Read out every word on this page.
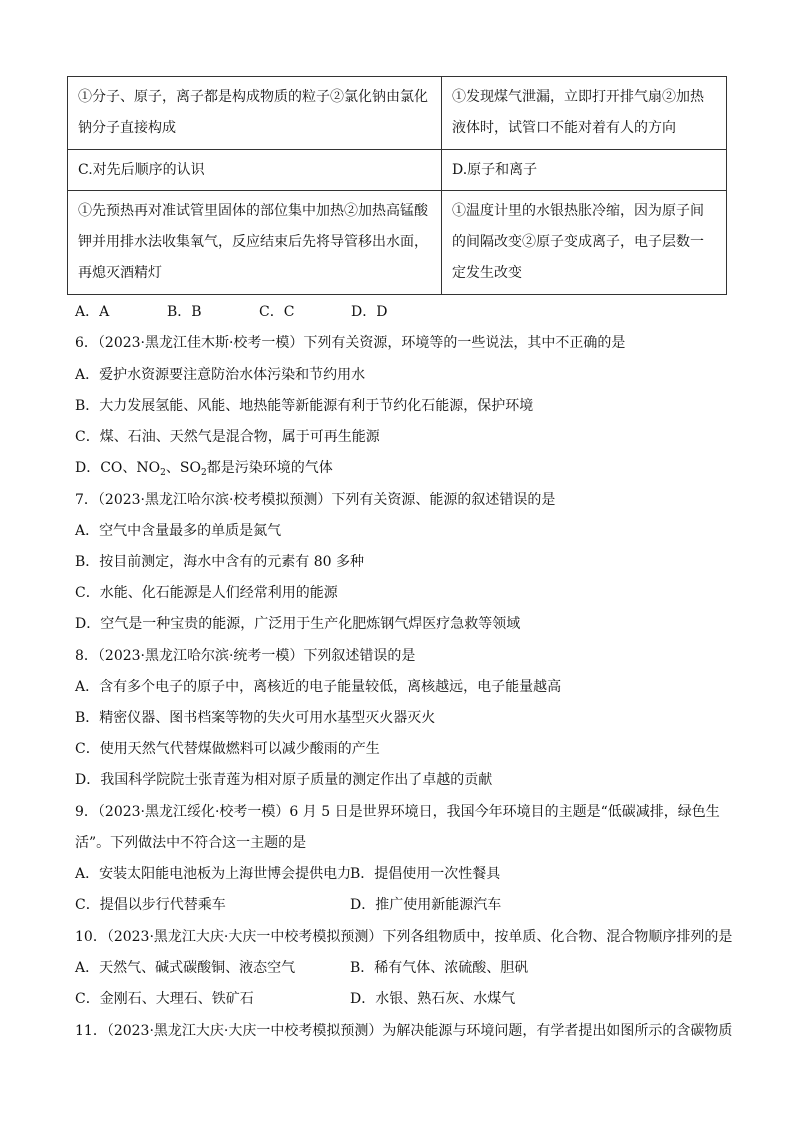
①分子、原子，离子都是构成物质的粒子②氯化钠由氯化钠分子直接构成	①发现煤气泄漏，立即打开排气扇②加热液体时，试管口不能对着有人的方向
C.对先后顺序的认识	D.原子和离子
①先预热再对准试管里固体的部位集中加热②加热高锰酸钾并用排水法收集氧气，反应结束后先将导管移出水面，再熄灭酒精灯	①温度计里的水银热胀冷缩，因为原子间的间隔改变②原子变成离子，电子层数一定发生改变
A．A	B．B	C．C	D．D
6．（2023·黑龙江佳木斯·校考一模）下列有关资源，环境等的一些说法，其中不正确的是
A．爱护水资源要注意防治水体污染和节约用水
B．大力发展氢能、风能、地热能等新能源有利于节约化石能源，保护环境
C．煤、石油、天然气是混合物，属于可再生能源
D．CO、$NO_2$、$SO_2$都是污染环境的气体
7．（2023·黑龙江哈尔滨·校考模拟预测）下列有关资源、能源的叙述错误的是
A．空气中含量最多的单质是氮气
B．按目前测定，海水中含有的元素有 80 多种
C．水能、化石能源是人们经常利用的能源
D．空气是一种宝贵的能源，广泛用于生产化肥炼钢气焊医疗急救等领域
8．（2023·黑龙江哈尔滨·统考一模）下列叙述错误的是
A．含有多个电子的原子中，离核近的电子能量较低，离核越远，电子能量越高
B．精密仪器、图书档案等物的失火可用水基型灭火器灭火
C．使用天然气代替煤做燃料可以减少酸雨的产生
D．我国科学院院士张青莲为相对原子质量的测定作出了卓越的贡献
9．（2023·黑龙江绥化·校考一模）6 月 5 日是世界环境日，我国今年环境目的主题是“低碳减排，绿色生
活”。下列做法中不符合这一主题的是
A．安装太阳能电池板为上海世博会提供电力B．提倡使用一次性餐具
C．提倡以步行代替乘车	D．推广使用新能源汽车
10．（2023·黑龙江大庆·大庆一中校考模拟预测）下列各组物质中，按单质、化合物、混合物顺序排列的是
A．天然气、碱式碳酸铜、液态空气	B．稀有气体、浓硫酸、胆矾
C．金刚石、大理石、铁矿石	D．水银、熟石灰、水煤气
11．（2023·黑龙江大庆·大庆一中校考模拟预测）为解决能源与环境问题，有学者提出如图所示的含碳物质
